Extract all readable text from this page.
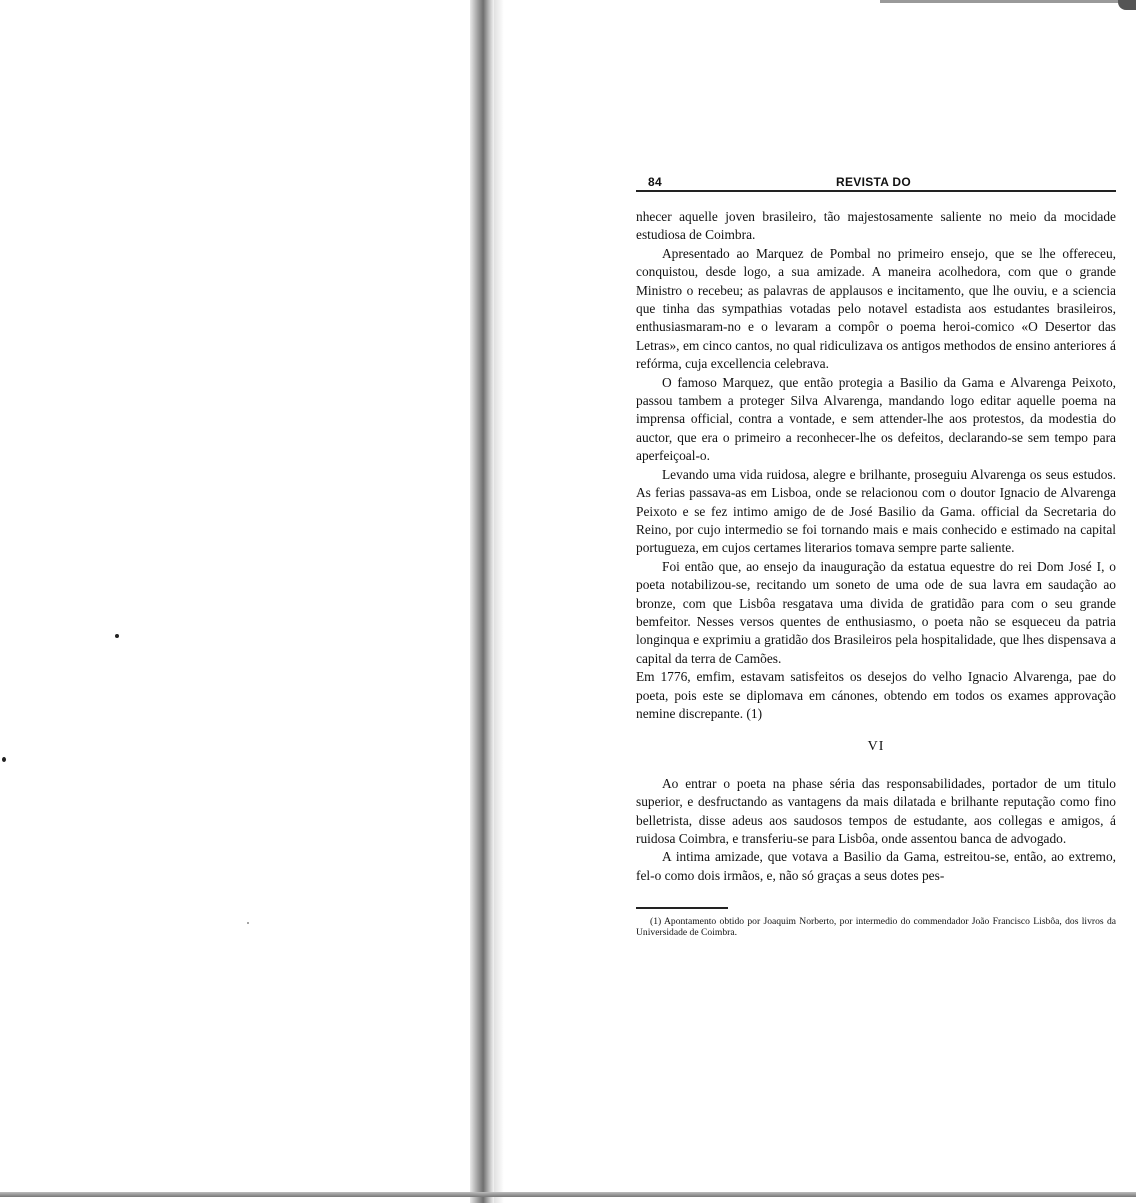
84	REVISTA DO

nhecer aquelle joven brasileiro, tão majestosamente saliente no meio da mocidade estudiosa de Coimbra.

Apresentado ao Marquez de Pombal no primeiro ensejo, que se lhe offereceu, conquistou, desde logo, a sua amizade. A maneira acolhedora, com que o grande Ministro o recebeu; as palavras de applausos e incitamento, que lhe ouviu, e a sciencia que tinha das sympathias votadas pelo notavel estadista aos estudantes brasileiros, enthusiasmaram-no e o levaram a compôr o poema heroi-comico «O Desertor das Letras», em cinco cantos, no qual ridiculizava os antigos methodos de ensino anteriores á refórma, cuja excellencia celebrava.

O famoso Marquez, que então protegia a Basilio da Gama e Alvarenga Peixoto, passou tambem a proteger Silva Alvarenga, mandando logo editar aquelle poema na imprensa official, contra a vontade, e sem attender-lhe aos protestos, da modestia do auctor, que era o primeiro a reconhecer-lhe os defeitos, declarando-se sem tempo para aperfeiçoal-o.

Levando uma vida ruidosa, alegre e brilhante, proseguiu Alvarenga os seus estudos. As ferias passava-as em Lisboa, onde se relacionou com o doutor Ignacio de Alvarenga Peixoto e se fez intimo amigo de de José Basilio da Gama. official da Secretaria do Reino, por cujo intermedio se foi tornando mais e mais conhecido e estimado na capital portugueza, em cujos certames literarios tomava sempre parte saliente.

Foi então que, ao ensejo da inauguração da estatua equestre do rei Dom José I, o poeta notabilizou-se, recitando um soneto de uma ode de sua lavra em saudação ao bronze, com que Lisbôa resgatava uma divida de gratidão para com o seu grande bemfeitor. Nesses versos quentes de enthusiasmo, o poeta não se esqueceu da patria longinqua e exprimiu a gratidão dos Brasileiros pela hospitalidade, que lhes dispensava a capital da terra de Camões.

Em 1776, emfim, estavam satisfeitos os desejos do velho Ignacio Alvarenga, pae do poeta, pois este se diplomava em cánones, obtendo em todos os exames approvação nemine discrepante. (1)

VI

Ao entrar o poeta na phase séria das responsabilidades, portador de um titulo superior, e desfructando as vantagens da mais dilatada e brilhante reputação como fino belletrista, disse adeus aos saudosos tempos de estudante, aos collegas e amigos, á ruidosa Coimbra, e transferiu-se para Lisbôa, onde assentou banca de advogado.

A intima amizade, que votava a Basilio da Gama, estreitou-se, então, ao extremo, fel-o como dois irmãos, e, não só graças a seus dotes pes-

(1) Apontamento obtido por Joaquim Norberto, por intermedio do commendador João Francisco Lisbôa, dos livros da Universidade de Coimbra.
